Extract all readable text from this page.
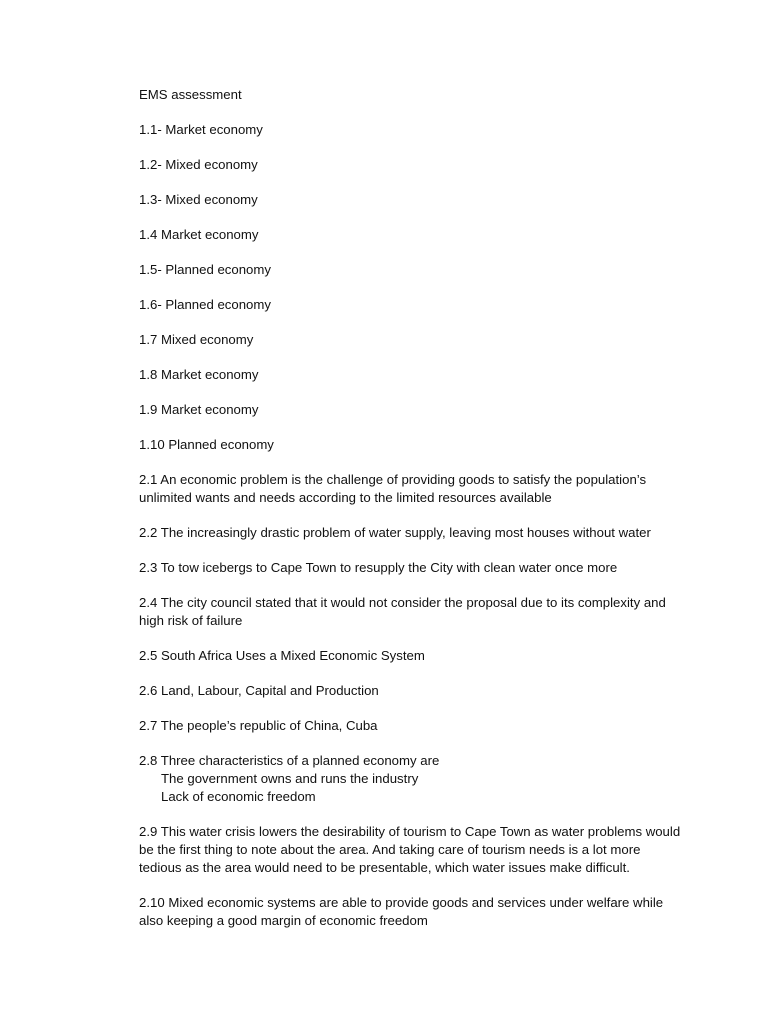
EMS assessment
1.1- Market economy
1.2- Mixed economy
1.3- Mixed economy
1.4 Market economy
1.5- Planned economy
1.6- Planned economy
1.7 Mixed economy
1.8 Market economy
1.9 Market economy
1.10 Planned economy
2.1 An economic problem is the challenge of providing goods to satisfy the population’s
unlimited wants and needs according to the limited resources available
2.2 The increasingly drastic problem of water supply, leaving most houses without water
2.3 To tow icebergs to Cape Town to resupply the City with clean water once more
2.4 The city council stated that it would not consider the proposal due to its complexity and
high risk of failure
2.5 South Africa Uses a Mixed Economic System
2.6 Land, Labour, Capital and Production
2.7 The people’s republic of China, Cuba
2.8 Three characteristics of a planned economy are
The government owns and runs the industry
Lack of economic freedom
2.9 This water crisis lowers the desirability of tourism to Cape Town as water problems would
be the first thing to note about the area. And taking care of tourism needs is a lot more
tedious as the area would need to be presentable, which water issues make difficult.
2.10 Mixed economic systems are able to provide goods and services under welfare while
also keeping a good margin of economic freedom
